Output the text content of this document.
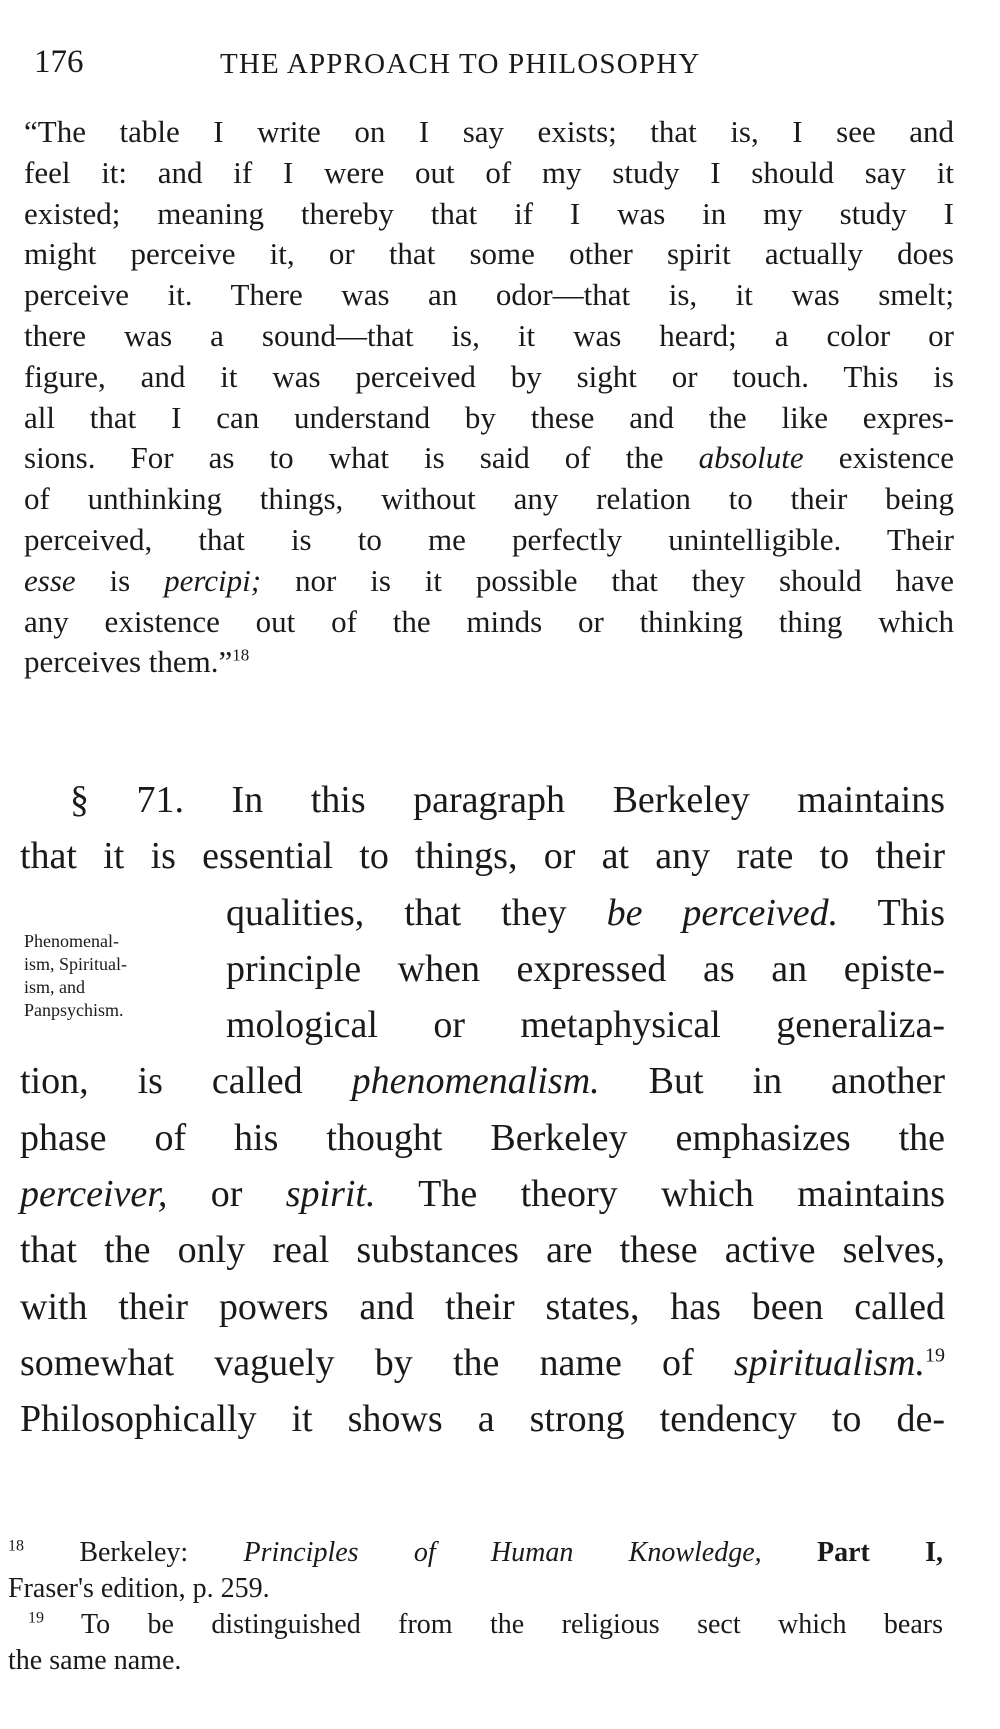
176	THE APPROACH TO PHILOSOPHY
“The table I write on I say exists; that is, I see and
feel it: and if I were out of my study I should say it
existed; meaning thereby that if I was in my study I
might perceive it, or that some other spirit actually does
perceive it. There was an odor—that is, it was smelt;
there was a sound—that is, it was heard; a color or
figure, and it was perceived by sight or touch. This is
all that I can understand by these and the like expres-
sions. For as to what is said of the absolute existence
of unthinking things, without any relation to their being
perceived, that is to me perfectly unintelligible. Their
esse is percipi; nor is it possible that they should have
any existence out of the minds or thinking thing which
perceives them.”$^{18}$
§ 71. In this paragraph Berkeley maintains
that it is essential to things, or at any rate to their
qualities, that they be perceived. This
principle when expressed as an episte-
mological or metaphysical generaliza-
tion, is called phenomenalism. But in another
phase of his thought Berkeley emphasizes the
perceiver, or spirit. The theory which maintains
that the only real substances are these active selves,
with their powers and their states, has been called
somewhat vaguely by the name of spiritualism.$^{19}$
Philosophically it shows a strong tendency to de-
Phenomenal-
ism, Spiritual-
ism, and
Panpsychism.
$^{18}$ Berkeley: Principles of Human Knowledge, Part I,
Fraser's edition, p. 259.
$^{19}$ To be distinguished from the religious sect which bears
the same name.
